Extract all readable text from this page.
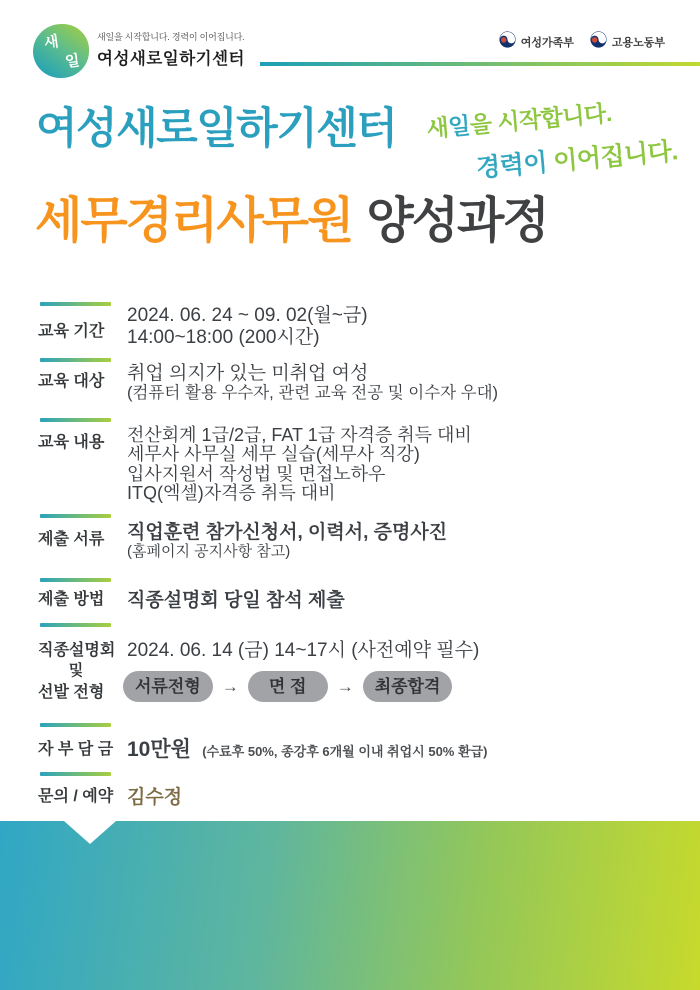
새
일
새일을 시작합니다. 경력이 이어집니다.
여성새로일하기센터
여성가족부	고용노동부
여성새로일하기센터 새일을 시작합니다.
경력이 이어집니다.
세무경리사무원 양성과정
교육 기간
2024. 06. 24 ~ 09. 02(월~금)
14:00~18:00 (200시간)
교육 대상 취업 의지가 있는 미취업 여성
(컴퓨터 활용 우수자, 관련 교육 전공 및 이수자 우대)
교육 내용 전산회계 1급/2급, FAT 1급 자격증 취득 대비
세무사 사무실 세무 실습(세무사 직강)
입사지원서 작성법 및 면접노하우
ITQ(엑셀)자격증 취득 대비
제출 서류 직업훈련 참가신청서, 이력서, 증명사진
(홈페이지 공지사항 참고)
제출 방법 직종설명회 당일 참석 제출
직종설명회
및
선발 전형
2024. 06. 14 (금) 14~17시 (사전예약 필수)
서류전형	→	면 접	→	최종합격
자 부 담 금 10만원 (수료후 50%, 종강후 6개월 이내 취업시 50% 환급)
문의 / 예약 김수정
